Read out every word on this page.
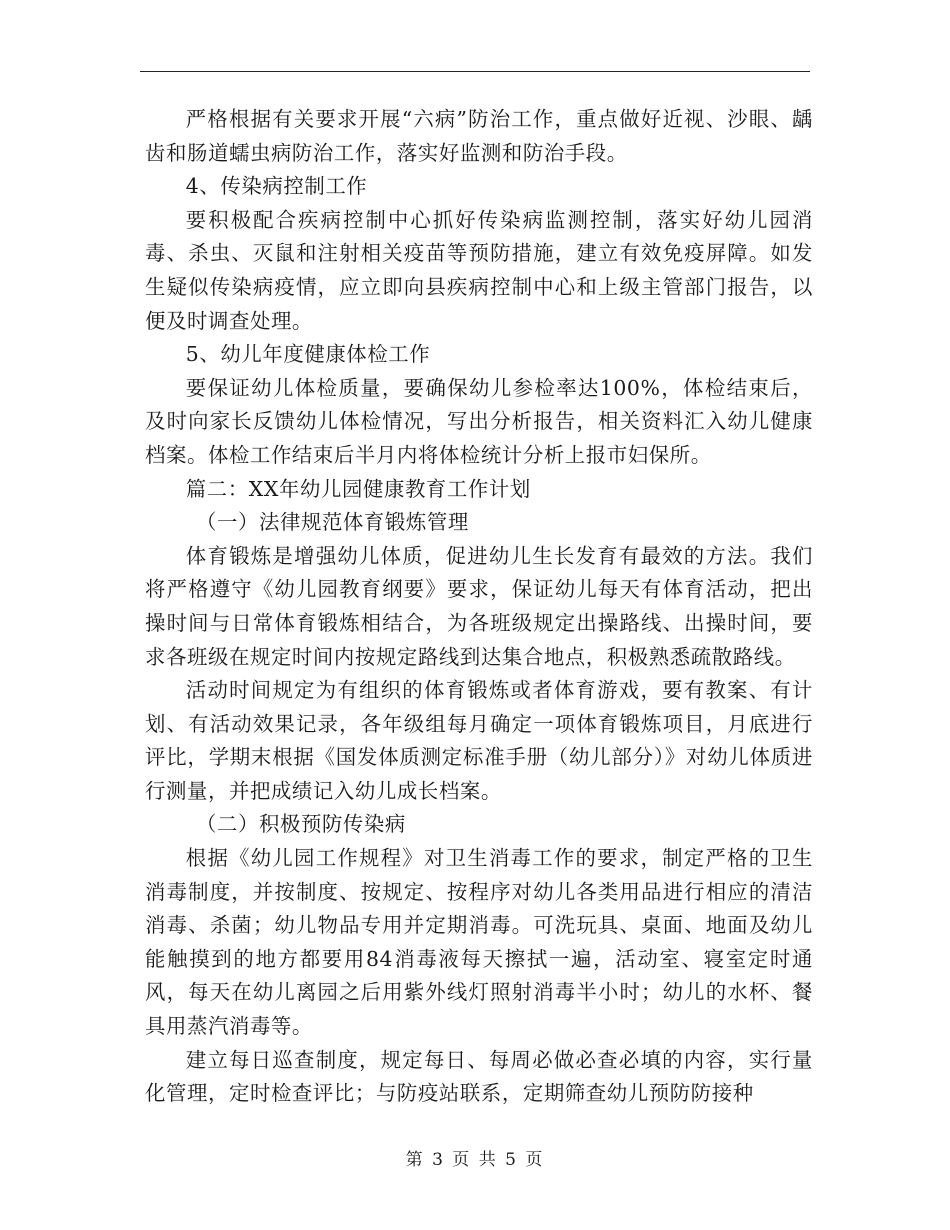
严格根据有关要求开展“六病”防治工作，重点做好近视、沙眼、龋齿和肠道蠕虫病防治工作，落实好监测和防治手段。

4、传染病控制工作

要积极配合疾病控制中心抓好传染病监测控制，落实好幼儿园消毒、杀虫、灭鼠和注射相关疫苗等预防措施，建立有效免疫屏障。如发生疑似传染病疫情，应立即向县疾病控制中心和上级主管部门报告，以便及时调查处理。

5、幼儿年度健康体检工作

要保证幼儿体检质量，要确保幼儿参检率达100%，体检结束后，及时向家长反馈幼儿体检情况，写出分析报告，相关资料汇入幼儿健康档案。体检工作结束后半月内将体检统计分析上报市妇保所。

篇二：XX年幼儿园健康教育工作计划

（一）法律规范体育锻炼管理

体育锻炼是增强幼儿体质，促进幼儿生长发育有最效的方法。我们将严格遵守《幼儿园教育纲要》要求，保证幼儿每天有体育活动，把出操时间与日常体育锻炼相结合，为各班级规定出操路线、出操时间，要求各班级在规定时间内按规定路线到达集合地点，积极熟悉疏散路线。

活动时间规定为有组织的体育锻炼或者体育游戏，要有教案、有计划、有活动效果记录，各年级组每月确定一项体育锻炼项目，月底进行评比，学期末根据《国发体质测定标准手册（幼儿部分）》对幼儿体质进行测量，并把成绩记入幼儿成长档案。

（二）积极预防传染病

根据《幼儿园工作规程》对卫生消毒工作的要求，制定严格的卫生消毒制度，并按制度、按规定、按程序对幼儿各类用品进行相应的清洁消毒、杀菌；幼儿物品专用并定期消毒。可洗玩具、桌面、地面及幼儿能触摸到的地方都要用84消毒液每天擦拭一遍，活动室、寝室定时通风，每天在幼儿离园之后用紫外线灯照射消毒半小时；幼儿的水杯、餐具用蒸汽消毒等。

建立每日巡查制度，规定每日、每周必做必查必填的内容，实行量化管理，定时检查评比；与防疫站联系，定期筛查幼儿预防防接种

第 3 页 共 5 页
